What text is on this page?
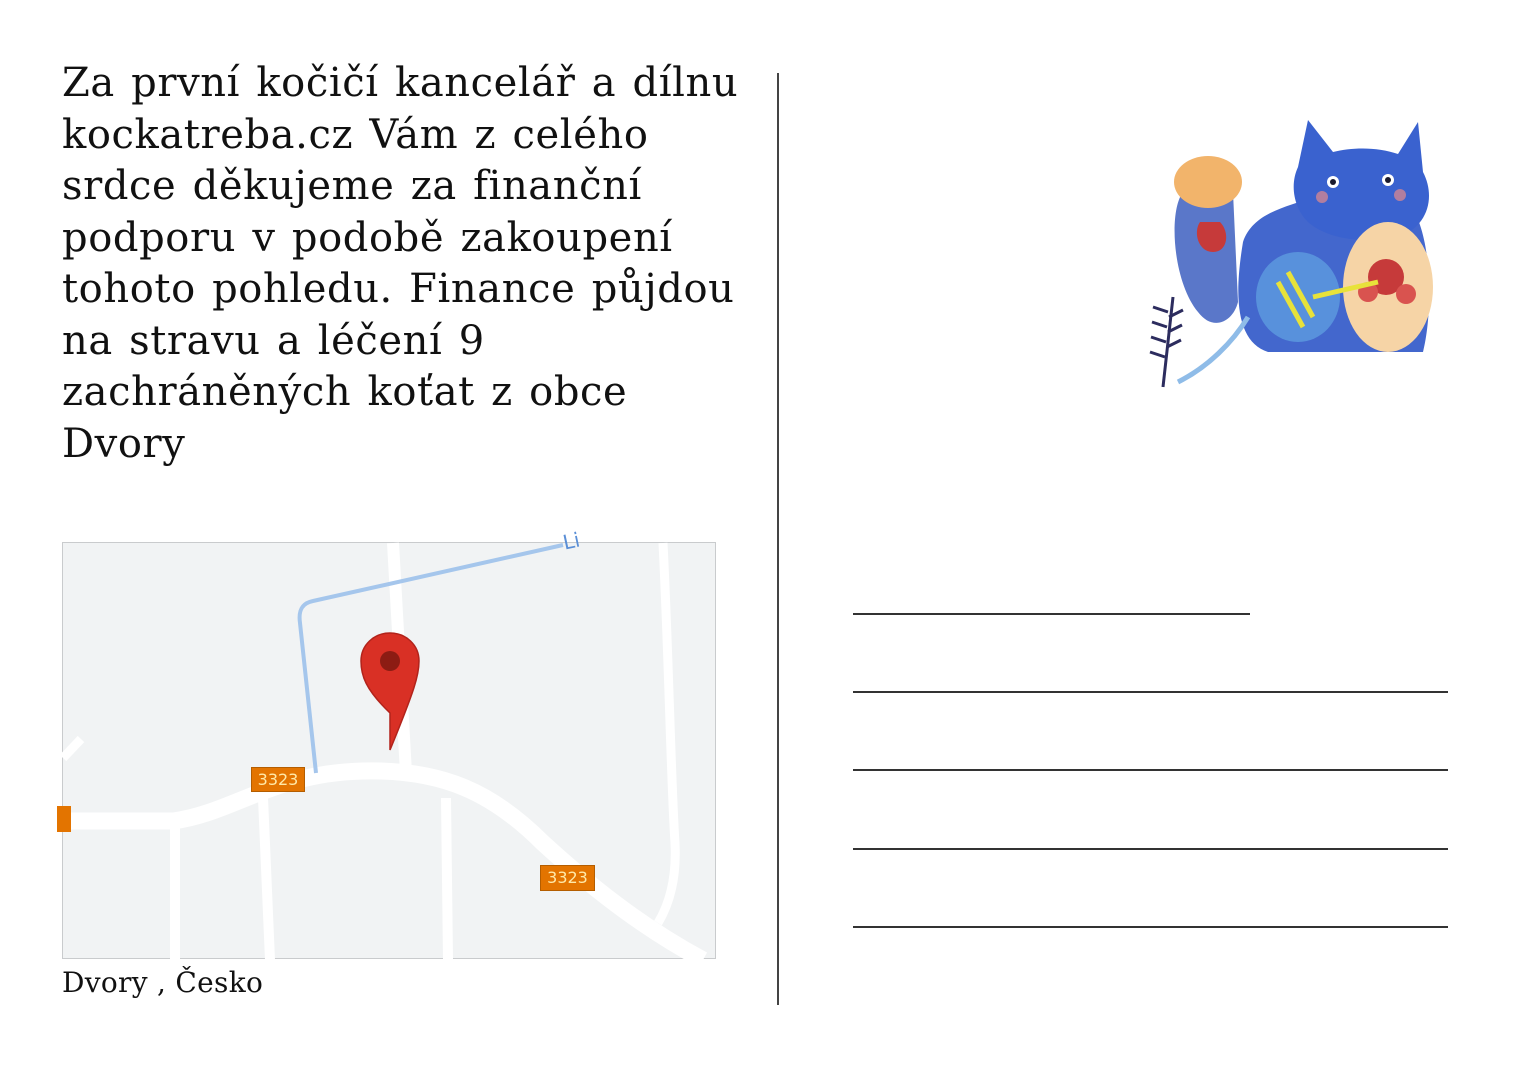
Za první kočičí kancelář a dílnu
kockatreba.cz Vám z celého
srdce děkujeme za finanční
podporu v podobě zakoupení
tohoto pohledu. Finance půjdou
na stravu a léčení 9
zachráněných koťat z obce
Dvory
3323
3323
Li
Dvory , Česko
